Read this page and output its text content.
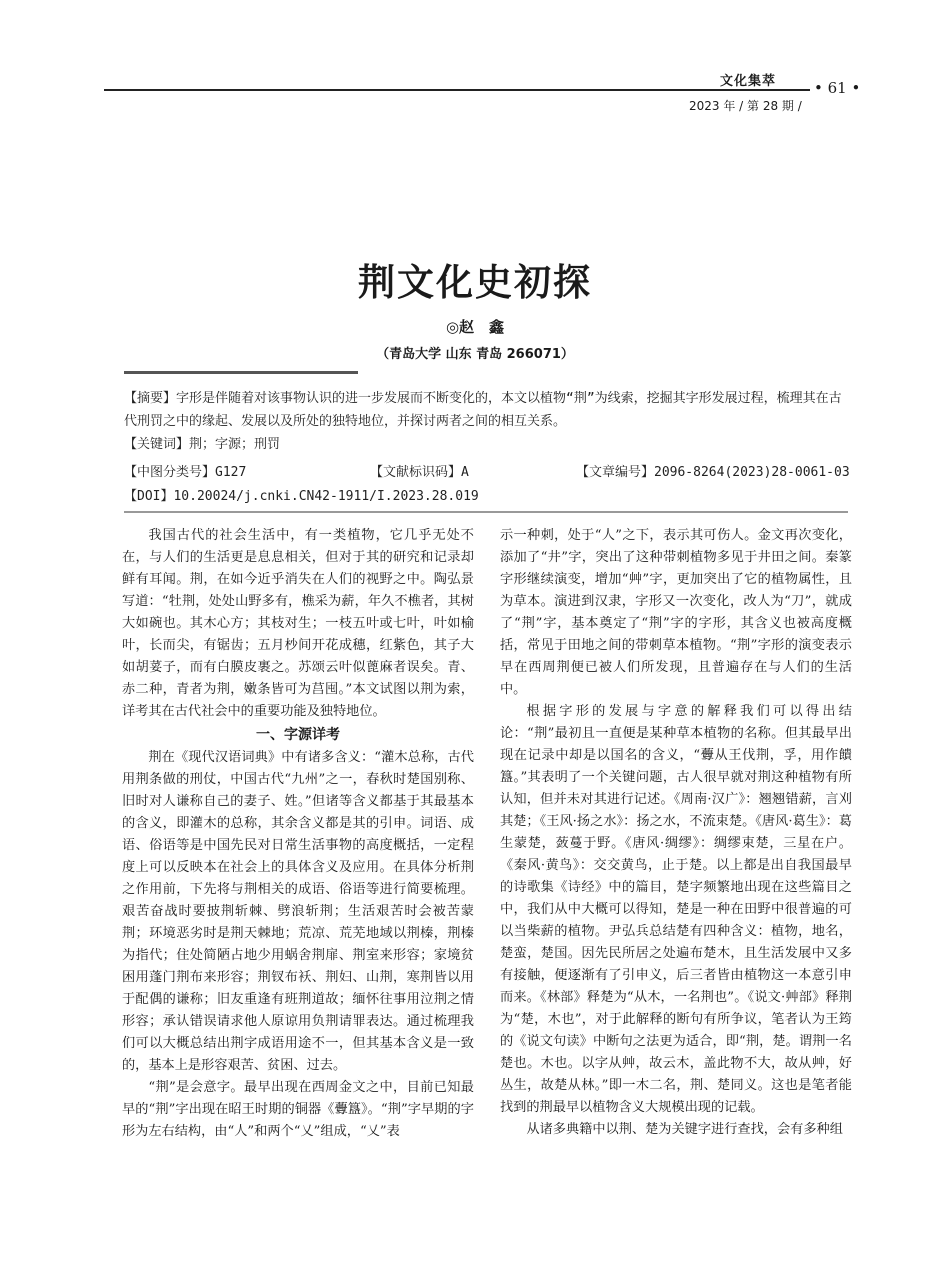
文化集萃	• 61 •
2023 年 / 第 28 期 /
荆文化史初探
◎赵　鑫
（青岛大学 山东 青岛 266071）

【摘要】字形是伴随着对该事物认识的进一步发展而不断变化的，本文以植物“荆”为线索，挖掘其字形发展过程，梳理其在古代刑罚之中的缘起、发展以及所处的独特地位，并探讨两者之间的相互关系。

【关键词】荆；字源；刑罚
【中图分类号】G127	【文献标识码】A	【文章编号】2096-8264(2023)28-0061-03
【DOI】10.20024/j.cnki.CN42-1911/I.2023.28.019

我国古代的社会生活中，有一类植物，它几乎无处不在，与人们的生活更是息息相关，但对于其的研究和记录却鲜有耳闻。荆，在如今近乎消失在人们的视野之中。陶弘景写道：“牡荆，处处山野多有，樵采为薪，年久不樵者，其树大如碗也。其木心方；其枝对生；一枝五叶或七叶，叶如榆叶，长而尖，有锯齿；五月杪间开花成穗，红紫色，其子大如胡荽子，而有白膜皮裹之。苏颂云叶似蓖麻者误矣。青、赤二种，青者为荆，嫩条皆可为莒囤。”本文试图以荆为索，详考其在古代社会中的重要功能及独特地位。

一、字源详考

荆在《现代汉语词典》中有诸多含义：“灌木总称，古代用荆条做的刑仗，中国古代“九州”之一，春秋时楚国别称、旧时对人谦称自己的妻子、姓。”但诸等含义都基于其最基本的含义，即灌木的总称，其余含义都是其的引申。词语、成语、俗语等是中国先民对日常生活事物的高度概括，一定程度上可以反映本在社会上的具体含义及应用。在具体分析荆之作用前，下先将与荆相关的成语、俗语等进行简要梳理。艰苦奋战时要披荆斩棘、劈浪斩荆；生活艰苦时会被苦蒙荆；环境恶劣时是荆天棘地；荒凉、荒芜地域以荆榛，荆榛为指代；住处简陋占地少用蜗舍荆扉、荆室来形容；家境贫困用蓬门荆布来形容；荆钗布袄、荆妇、山荆，寒荆皆以用于配偶的谦称；旧友重逢有班荆道故；缅怀往事用泣荆之情形容；承认错误请求他人原谅用负荆请罪表达。通过梳理我们可以大概总结出荆字成语用途不一，但其基本含义是一致的，基本上是形容艰苦、贫困、过去。

“荆”是会意字。最早出现在西周金文之中，目前已知最早的“荆”字出现在昭王时期的铜器《虋簋》。“荆”字早期的字形为左右结构，由“人”和两个“乂”组成，“乂”表

示一种刺，处于“人”之下，表示其可伤人。金文再次变化，添加了“井”字，突出了这种带刺植物多见于井田之间。秦篆字形继续演变，增加“艸”字，更加突出了它的植物属性，且为草本。演进到汉隶，字形又一次变化，改人为“刀”，就成了“荆”字，基本奠定了“荆”字的字形，其含义也被高度概括，常见于田地之间的带刺草本植物。“荆”字形的演变表示早在西周荆便已被人们所发现，且普遍存在与人们的生活中。

根据字形的发展与字意的解释我们可以得出结论：“荆”最初且一直便是某种草本植物的名称。但其最早出现在记录中却是以国名的含义，“虋从王伐荆，孚，用作饋簋。”其表明了一个关键问题，古人很早就对荆这种植物有所认知，但并未对其进行记述。《周南·汉广》：翘翘错薪，言刈其楚；《王风·扬之水》：扬之水，不流束楚。《唐风·葛生》：葛生蒙楚，蔹蔓于野。《唐风·绸缪》：绸缪束楚，三星在户。《秦风·黄鸟》：交交黄鸟，止于楚。以上都是出自我国最早的诗歌集《诗经》中的篇目，楚字频繁地出现在这些篇目之中，我们从中大概可以得知，楚是一种在田野中很普遍的可以当柴薪的植物。尹弘兵总结楚有四种含义：植物，地名，楚蛮，楚国。因先民所居之处遍布楚木，且生活发展中又多有接触，便逐渐有了引申义，后三者皆由植物这一本意引申而来。《林部》释楚为“从木，一名荆也”。《说文·艸部》释荆为“楚，木也”，对于此解释的断句有所争议，笔者认为王筠的《说文句读》中断句之法更为适合，即“荆，楚。谓荆一名楚也。木也。以字从艸，故云木，盖此物不大，故从艸，好丛生，故楚从林。”即一木二名，荆、楚同义。这也是笔者能找到的荆最早以植物含义大规模出现的记载。

从诸多典籍中以荆、楚为关键字进行查找，会有多种组
